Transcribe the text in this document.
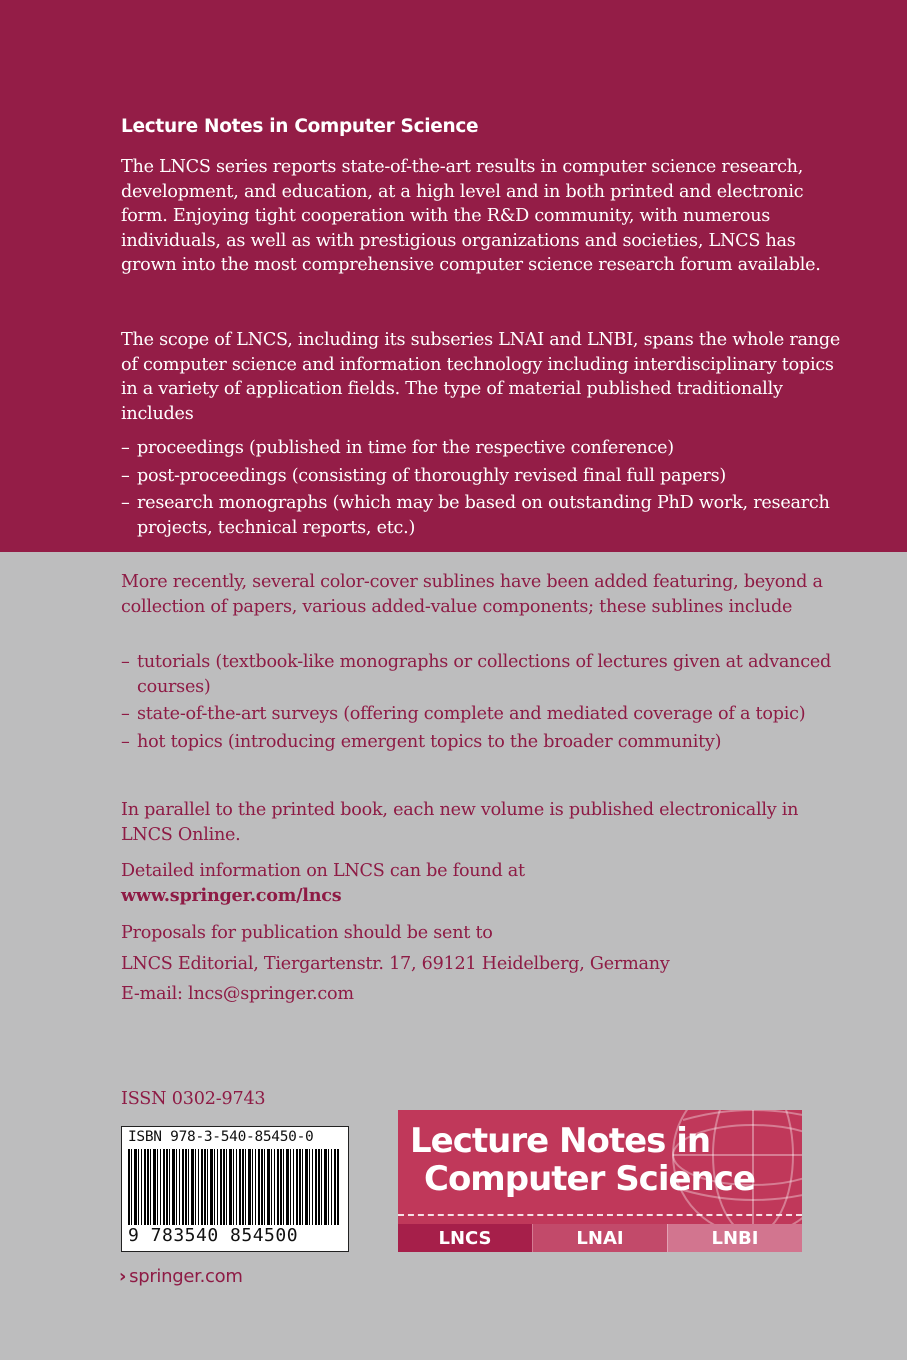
Lecture Notes in Computer Science
The LNCS series reports state-of-the-art results in computer science research, development, and education, at a high level and in both printed and electronic form. Enjoying tight cooperation with the R&D community, with numerous individuals, as well as with prestigious organizations and societies, LNCS has grown into the most comprehensive computer science research forum available.
The scope of LNCS, including its subseries LNAI and LNBI, spans the whole range of computer science and information technology including interdisciplinary topics in a variety of application fields. The type of material published traditionally includes
– proceedings (published in time for the respective conference)
– post-proceedings (consisting of thoroughly revised final full papers)
– research monographs (which may be based on outstanding PhD work, research projects, technical reports, etc.)
More recently, several color-cover sublines have been added featuring, beyond a collection of papers, various added-value components; these sublines include
– tutorials (textbook-like monographs or collections of lectures given at advanced courses)
– state-of-the-art surveys (offering complete and mediated coverage of a topic)
– hot topics (introducing emergent topics to the broader community)
In parallel to the printed book, each new volume is published electronically in LNCS Online.
Detailed information on LNCS can be found at
www.springer.com/lncs
Proposals for publication should be sent to
LNCS Editorial, Tiergartenstr. 17, 69121 Heidelberg, Germany
E-mail: lncs@springer.com
ISSN 0302-9743
ISBN 978-3-540-85450-0
9 783540 854500
› springer.com
Lecture Notes in
Computer Science
LNCS	LNAI	LNBI
